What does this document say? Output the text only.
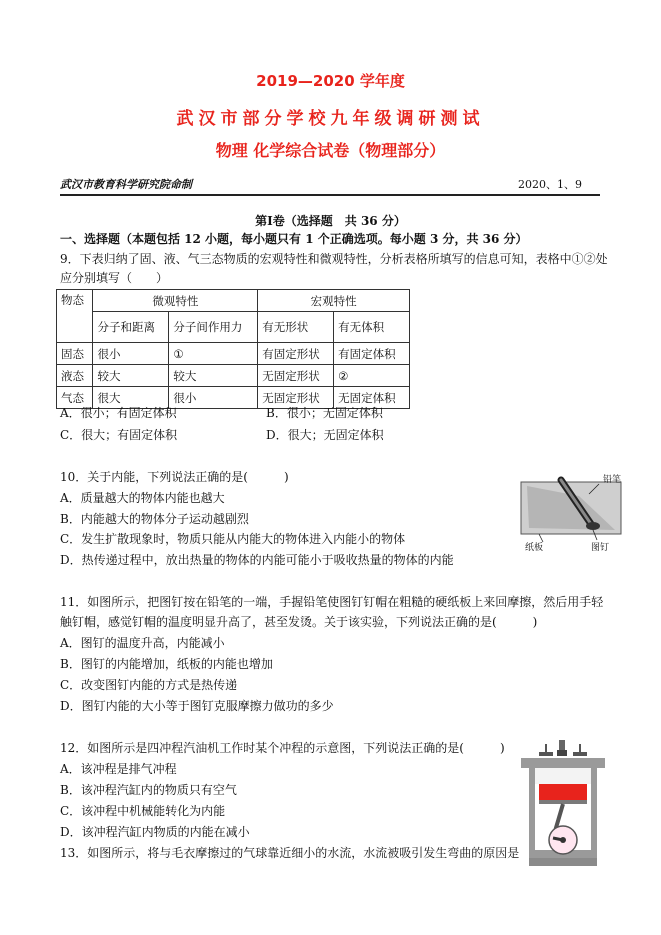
2019—2020 学年度
武汉市部分学校九年级调研测试
物理 化学综合试卷（物理部分）
武汉市教育科学研究院命制	2020、1、9
第Ⅰ卷（选择题　共 36 分）
一、选择题（本题包括 12 小题，每小题只有 1 个正确选项。每小题 3 分，共 36 分）
9．下表归纳了固、液、气三态物质的宏观特性和微观特性，分析表格所填写的信息可知，表格中①②处
应分别填写（　　）
物态	微观特性		宏观特性	
	分子和距离	分子间作用力	有无形状	有无体积
固态	很小	①	有固定形状	有固定体积
液态	较大	较大	无固定形状	②
气态	很大	很小	无固定形状	无固定体积
A．很小；有固定体积	B．很小；无固定体积
C．很大；有固定体积	D．很大；无固定体积
10．关于内能，下列说法正确的是(　　　)
A．质量越大的物体内能也越大
B．内能越大的物体分子运动越剧烈
C．发生扩散现象时，物质只能从内能大的物体进入内能小的物体
D．热传递过程中，放出热量的物体的内能可能小于吸收热量的物体的内能
铅笔
纸板	图钉
11．如图所示，把图钉按在铅笔的一端，手握铅笔使图钉钉帽在粗糙的硬纸板上来回摩擦，然后用手轻
触钉帽，感觉钉帽的温度明显升高了，甚至发烫。关于该实验，下列说法正确的是(　　　)
A．图钉的温度升高，内能减小
B．图钉的内能增加，纸板的内能也增加
C．改变图钉内能的方式是热传递
D．图钉内能的大小等于图钉克服摩擦力做功的多少
12．如图所示是四冲程汽油机工作时某个冲程的示意图，下列说法正确的是(　　　)
A．该冲程是排气冲程
B．该冲程汽缸内的物质只有空气
C．该冲程中机械能转化为内能
D．该冲程汽缸内物质的内能在减小
13．如图所示，将与毛衣摩擦过的气球靠近细小的水流，水流被吸引发生弯曲的原因是
